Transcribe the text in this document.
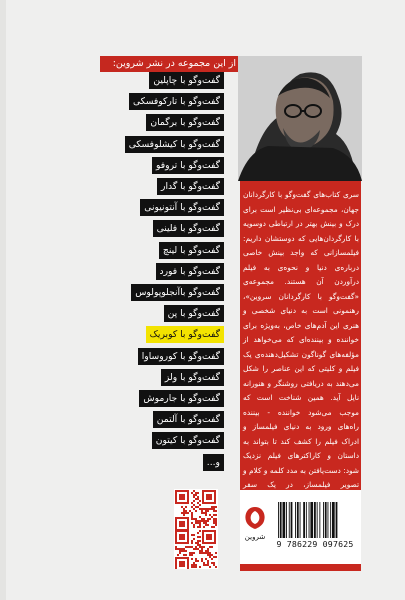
از این مجموعه در نشر شروین:
گفت‌وگو با چاپلین
گفت‌وگو با تارکوفسکی
گفت‌وگو با برگمان
گفت‌وگو با کیشلوفسکی
گفت‌وگو با تروفو
گفت‌وگو با گدار
گفت‌وگو با آنتونیونی
گفت‌وگو با فلینی
گفت‌وگو با لینچ
گفت‌وگو با فورد
گفت‌وگو باآنجلوپولوس
گفت‌وگو با پن
گفت‌وگو با کوبریک
گفت‌وگو با کوروساوا
گفت‌وگو با ولز
گفت‌وگو با جارموش
گفت‌وگو با آلتمن
گفت‌وگو با کیتون
و...
سری کتاب‌های گفت‌وگو با کارگردانان جهان، مجموعه‌ای بی‌نظیر است برای درک و بینش بهتر در ارتباطی دوسویه با کارگردان‌هایی که دوستشان داریم: فیلمسازانی که واجد بینش خاصی درباره‌ی دنیا و نحوه‌ی به فیلم درآوردن آن هستند. مجموعه‌ی «گفت‌وگو با کارگردانان سروین»، رهنمونی است به دنیای شخصی و هنری این آدم‌های خاص، به‌ویژه برای خواننده و بیننده‌ای که می‌خواهد از مؤلفه‌های گوناگون تشکیل‌دهنده‌ی یک فیلم و کلیتی که این عناصر را شکل می‌دهند به دریافتی روشنگر و هنورانه نایل آید. همین شناخت است که موجب می‌شود خواننده - بیننده راه‌های ورود به دنیای فیلمساز و ادراک فیلم را کشف کند تا بتواند به داستان و کاراکترهای فیلم نزدیک شود: دست‌یافتن به مدد کلمه و کلام و تصویر فیلمساز، در یک سفر
شروین
9 786229 097625
